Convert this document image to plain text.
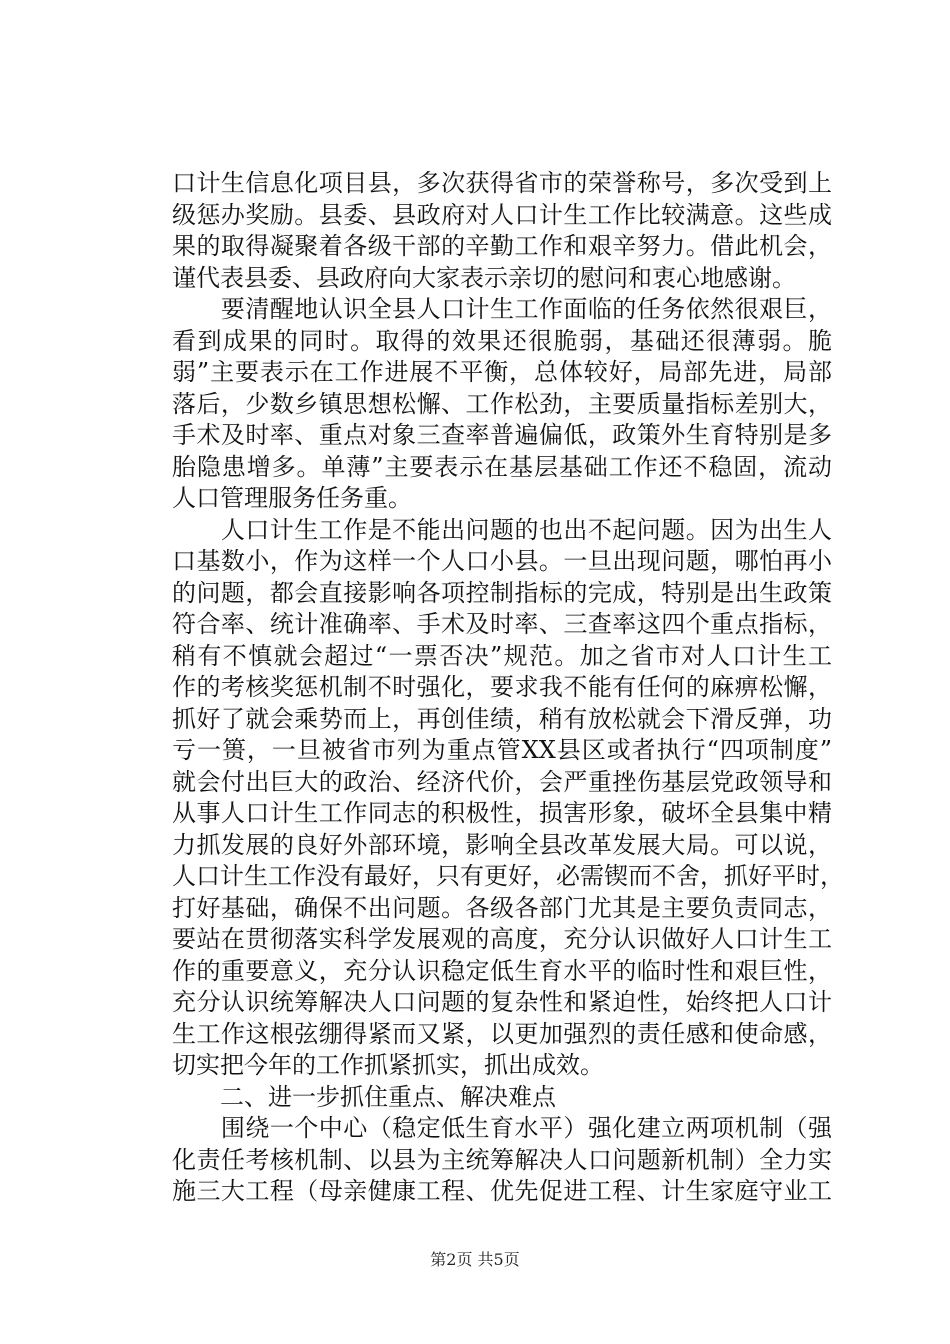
口计生信息化项目县，多次获得省市的荣誉称号，多次受到上
级惩办奖励。县委、县政府对人口计生工作比较满意。这些成
果的取得凝聚着各级干部的辛勤工作和艰辛努力。借此机会，
谨代表县委、县政府向大家表示亲切的慰问和衷心地感谢。
　　要清醒地认识全县人口计生工作面临的任务依然很艰巨，
看到成果的同时。取得的效果还很脆弱，基础还很薄弱。脆
弱”主要表示在工作进展不平衡，总体较好，局部先进，局部
落后，少数乡镇思想松懈、工作松劲，主要质量指标差别大，
手术及时率、重点对象三查率普遍偏低，政策外生育特别是多
胎隐患增多。单薄”主要表示在基层基础工作还不稳固，流动
人口管理服务任务重。
　　人口计生工作是不能出问题的也出不起问题。因为出生人
口基数小，作为这样一个人口小县。一旦出现问题，哪怕再小
的问题，都会直接影响各项控制指标的完成，特别是出生政策
符合率、统计准确率、手术及时率、三查率这四个重点指标，
稍有不慎就会超过“一票否决”规范。加之省市对人口计生工
作的考核奖惩机制不时强化，要求我不能有任何的麻痹松懈，
抓好了就会乘势而上，再创佳绩，稍有放松就会下滑反弹，功
亏一篑，一旦被省市列为重点管XX县区或者执行“四项制度”
就会付出巨大的政治、经济代价，会严重挫伤基层党政领导和
从事人口计生工作同志的积极性，损害形象，破坏全县集中精
力抓发展的良好外部环境，影响全县改革发展大局。可以说，
人口计生工作没有最好，只有更好，必需锲而不舍，抓好平时，
打好基础，确保不出问题。各级各部门尤其是主要负责同志，
要站在贯彻落实科学发展观的高度，充分认识做好人口计生工
作的重要意义，充分认识稳定低生育水平的临时性和艰巨性，
充分认识统筹解决人口问题的复杂性和紧迫性，始终把人口计
生工作这根弦绷得紧而又紧，以更加强烈的责任感和使命感，
切实把今年的工作抓紧抓实，抓出成效。
　　二、进一步抓住重点、解决难点
　　围绕一个中心（稳定低生育水平）强化建立两项机制（强
化责任考核机制、以县为主统筹解决人口问题新机制）全力实
施三大工程（母亲健康工程、优先促进工程、计生家庭守业工
第2页 共5页
